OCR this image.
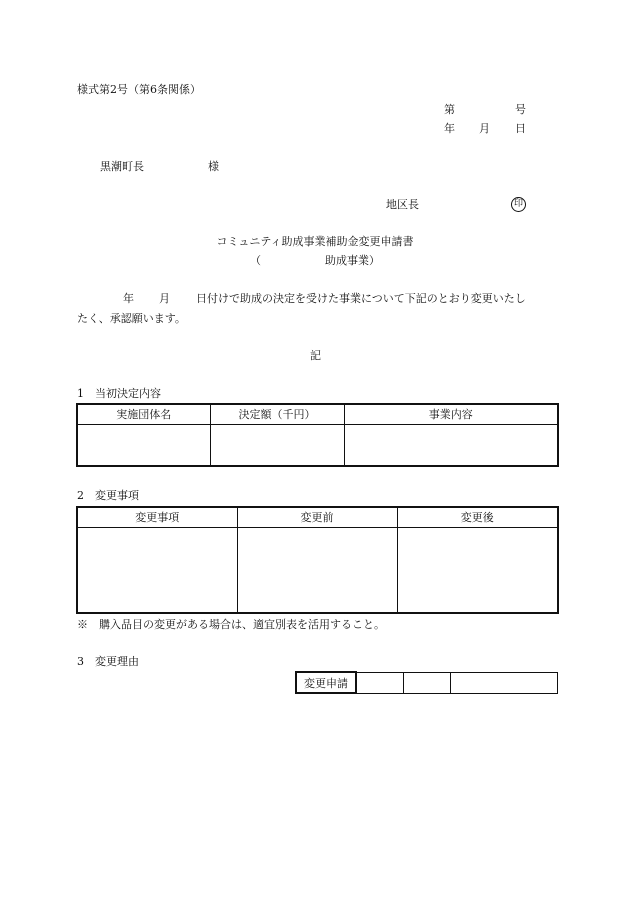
様式第2号（第6条関係）
第	号
年 月 日
黒潮町長	様
地区長	印
コミュニティ助成事業補助金変更申請書
（	助成事業）
年 月 日付けで助成の決定を受けた事業について下記のとおり変更いたし
たく、承認願います。
記
1　当初決定内容
実施団体名	決定額（千円）	事業内容

2　変更事項
変更事項	変更前	変更後

※　購入品目の変更がある場合は、適宜別表を活用すること。
3　変更理由
変更申請			
